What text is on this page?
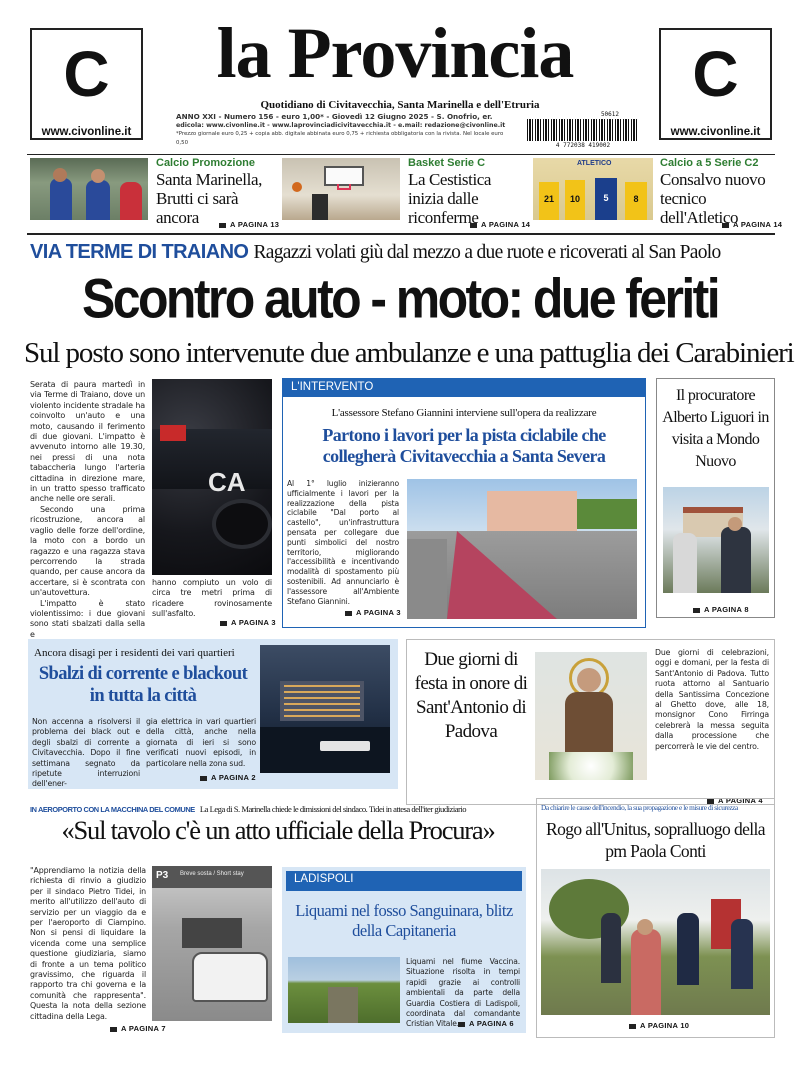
C
www.civonline.it
C
www.civonline.it
la Provincia
Quotidiano di Civitavecchia, Santa Marinella e dell'Etruria
ANNO XXI - Numero 156 - euro 1,00* - Giovedì 12 Giugno 2025 - S. Onofrio, er.
edicola: www.civonline.it - www.laprovinciadicivitavecchia.it - e.mail: redazione@civonline.it
*Prezzo giornale euro 0,25 + copia abb. digitale abbinata euro 0,75 + richiesta obbligatoria con la rivista. Nel locale euro 0,50
50612
4 772038 419002
Calcio Promozione
Santa Marinella, Brutti ci sarà ancora	A PAGINA 13
Basket Serie C
La Cestistica inizia dalle riconferme A PAGINA 14
ATLETICO
21	10	5	8
Calcio a 5 Serie C2
Consalvo nuovo tecnico dell'Atletico
A PAGINA 14
VIA TERME DI TRAIANO Ragazzi volati giù dal mezzo a due ruote e ricoverati al San Paolo
Scontro auto - moto: due feriti
Sul posto sono intervenute due ambulanze e una pattuglia dei Carabinieri

Serata di paura martedì in via Terme di Traiano, dove un violento incidente stradale ha coinvolto un'auto e una moto, causando il ferimento di due giovani. L'impatto è avvenuto intorno alle 19.30, nei pressi di una nota tabaccheria lungo l'arteria cittadina in direzione mare, in un tratto spesso trafficato anche nelle ore serali.

Secondo una prima ricostruzione, ancora al vaglio delle forze dell'ordine, la moto con a bordo un ragazzo e una ragazza stava percorrendo la strada quando, per cause ancora da accertare, si è scontrata con un'autovettura.

L'impatto è stato violentissimo: i due giovani sono stati sbalzati dalla sella e

CA
hanno compiuto un volo di circa tre metri prima di ricadere rovinosamente sull'asfalto.
A PAGINA 3
L'INTERVENTO
L'assessore Stefano Giannini interviene sull'opera da realizzare
Partono i lavori per la pista ciclabile che collegherà Civitavecchia a Santa Severa
Al 1° luglio inizieranno ufficialmente i lavori per la realizzazione della pista ciclabile "Dal porto al castello", un'infrastruttura pensata per collegare due punti simbolici del nostro territorio, migliorando l'accessibilità e incentivando modalità di spostamento più sostenibili. Ad annunciarlo è l'assessore all'Ambiente Stefano Giannini.
A PAGINA 3
Il procuratore Alberto Liguori in visita a Mondo Nuovo
A PAGINA 8
Ancora disagi per i residenti dei vari quartieri
Sbalzi di corrente e blackout in tutta la città
Non accenna a risolversi il problema dei black out e degli sbalzi di corrente a Civitavecchia. Dopo il fine settimana segnato da ripetute interruzioni dell'ener-
gia elettrica in vari quartieri della città, anche nella giornata di ieri si sono verificati nuovi episodi, in particolare nella zona sud.
A PAGINA 2
Due giorni di festa in onore di Sant'Antonio di Padova
Due giorni di celebrazioni, oggi e domani, per la festa di Sant'Antonio di Padova. Tutto ruota attorno al Santuario della Santissima Concezione al Ghetto dove, alle 18, monsignor Cono Firringa celebrerà la messa seguita dalla processione che percorrerà le vie del centro.
A PAGINA 4
IN AEROPORTO CON LA MACCHINA DEL COMUNE La Lega di S. Marinella chiede le dimissioni del sindaco. Tidei in attesa dell'iter giudiziario
«Sul tavolo c'è un atto ufficiale della Procura»
"Apprendiamo la notizia della richiesta di rinvio a giudizio per il sindaco Pietro Tidei, in merito all'utilizzo dell'auto di servizio per un viaggio da e per l'aeroporto di Ciampino. Non si pensi di liquidare la vicenda come una semplice questione giudiziaria, siamo di fronte a un tema politico gravissimo, che riguarda il rapporto tra chi governa e la comunità che rappresenta". Questa la nota della sezione cittadina della Lega.
P3 Breve sosta / Short stay
A PAGINA 7
LADISPOLI
Liquami nel fosso Sanguinara, blitz della Capitaneria
Liquami nel fiume Vaccina. Situazione risolta in tempi rapidi grazie ai controlli ambientali da parte della Guardia Costiera di Ladispoli, coordinata dal comandante Cristian Vitale.	A PAGINA 6
Da chiarire le cause dell'incendio, la sua propagazione e le misure di sicurezza
Rogo all'Unitus, sopralluogo della pm Paola Conti
A PAGINA 10
